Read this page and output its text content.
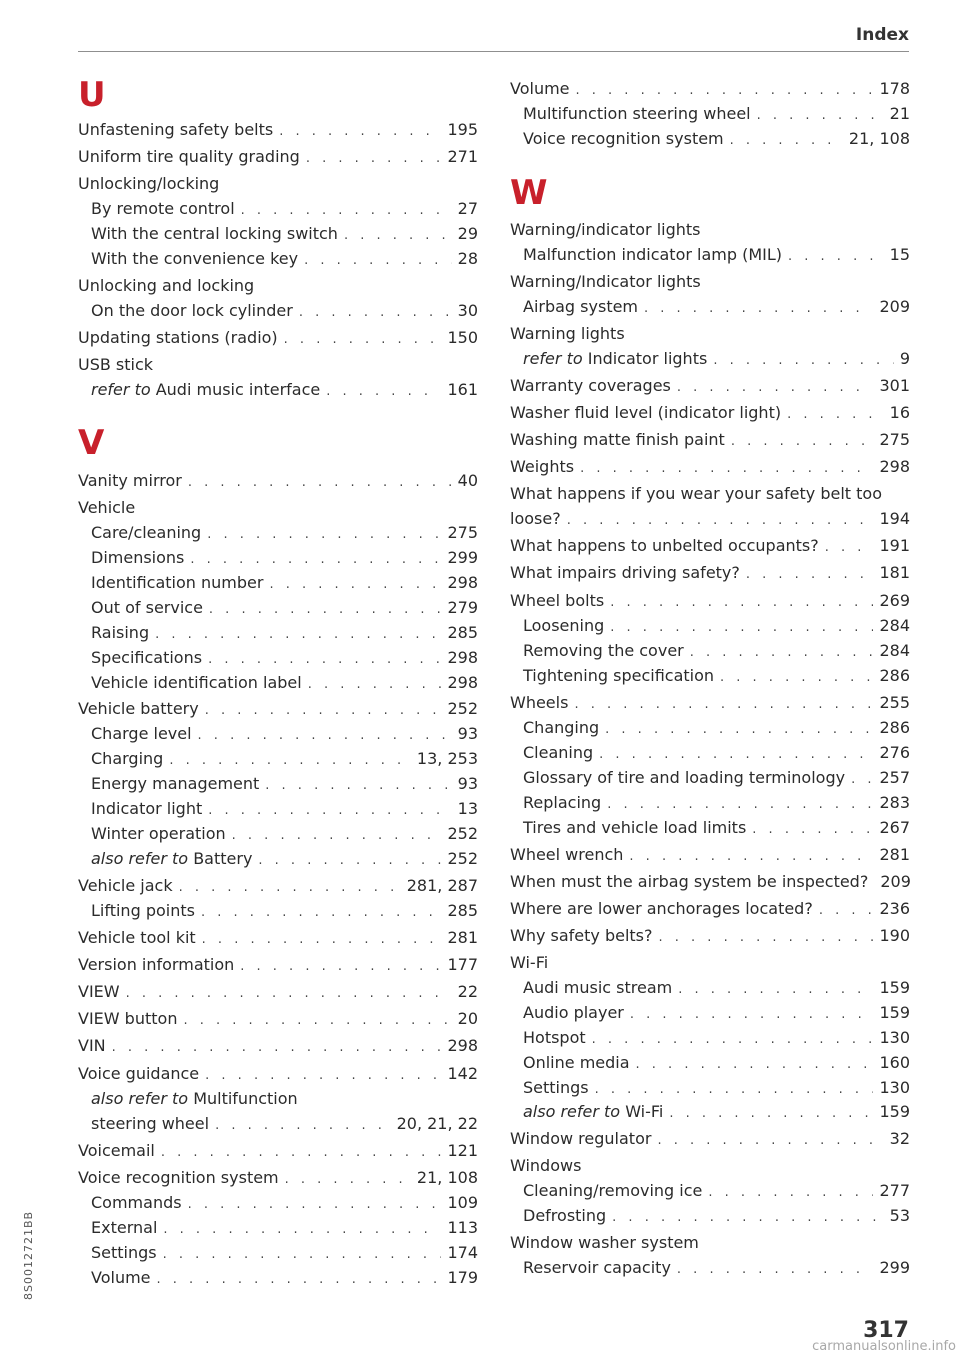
Index
U
Unfastening safety belts . . .	195
Uniform tire quality grading . . .	271
Unlocking/locking
By remote control . . .	27
With the central locking switch . . .	29
With the convenience key . . .	28
Unlocking and locking
On the door lock cylinder . . .	30
Updating stations (radio) . . .	150
USB stick
refer to Audi music interface . . .	161
V
Vanity mirror . . .	40
Vehicle
Care/cleaning . . .	275
Dimensions . . .	299
Identification number . . .	298
Out of service . . .	279
Raising . . .	285
Specifications . . .	298
Vehicle identification label . . .	298
Vehicle battery . . .	252
Charge level . . .	93
Charging . . .	13, 253
Energy management . . .	93
Indicator light . . .	13
Winter operation . . .	252
also refer to Battery . . .	252
Vehicle jack . . .	281, 287
Lifting points . . .	285
Vehicle tool kit . . .	281
Version information . . .	177
VIEW . . .	22
VIEW button . . .	20
VIN . . .	298
Voice guidance . . .	142
also refer to Multifunction
steering wheel . . .	20, 21, 22
Voicemail . . .	121
Voice recognition system . . .	21, 108
Commands . . .	109
External . . .	113
Settings . . .	174
Volume . . .	179
Volume . . .	178
Multifunction steering wheel . . .	21
Voice recognition system . . .	21, 108
W
Warning/indicator lights
Malfunction indicator lamp (MIL) . . .	15
Warning/Indicator lights
Airbag system . . .	209
Warning lights
refer to Indicator lights . . .	9
Warranty coverages . . .	301
Washer fluid level (indicator light) . . .	16
Washing matte finish paint . . .	275
Weights . . .	298
What happens if you wear your safety belt too
loose? . . .	194
What happens to unbelted occupants? . . .	191
What impairs driving safety? . . .	181
Wheel bolts . . .	269
Loosening . . .	284
Removing the cover . . .	284
Tightening specification . . .	286
Wheels . . .	255
Changing . . .	286
Cleaning . . .	276
Glossary of tire and loading terminology . . . 257
Replacing . . .	283
Tires and vehicle load limits . . .	267
Wheel wrench . . .	281
When must the airbag system be inspected? 209
Where are lower anchorages located? . . .	236
Why safety belts? . . .	190
Wi-Fi
Audi music stream . . .	159
Audio player . . .	159
Hotspot . . .	130
Online media . . .	160
Settings . . .	130
also refer to Wi-Fi . . .	159
Window regulator . . .	32
Windows
Cleaning/removing ice . . .	277
Defrosting . . .	53
Window washer system
Reservoir capacity . . .	299
8S0012721BB
317
carmanualsonline.info
